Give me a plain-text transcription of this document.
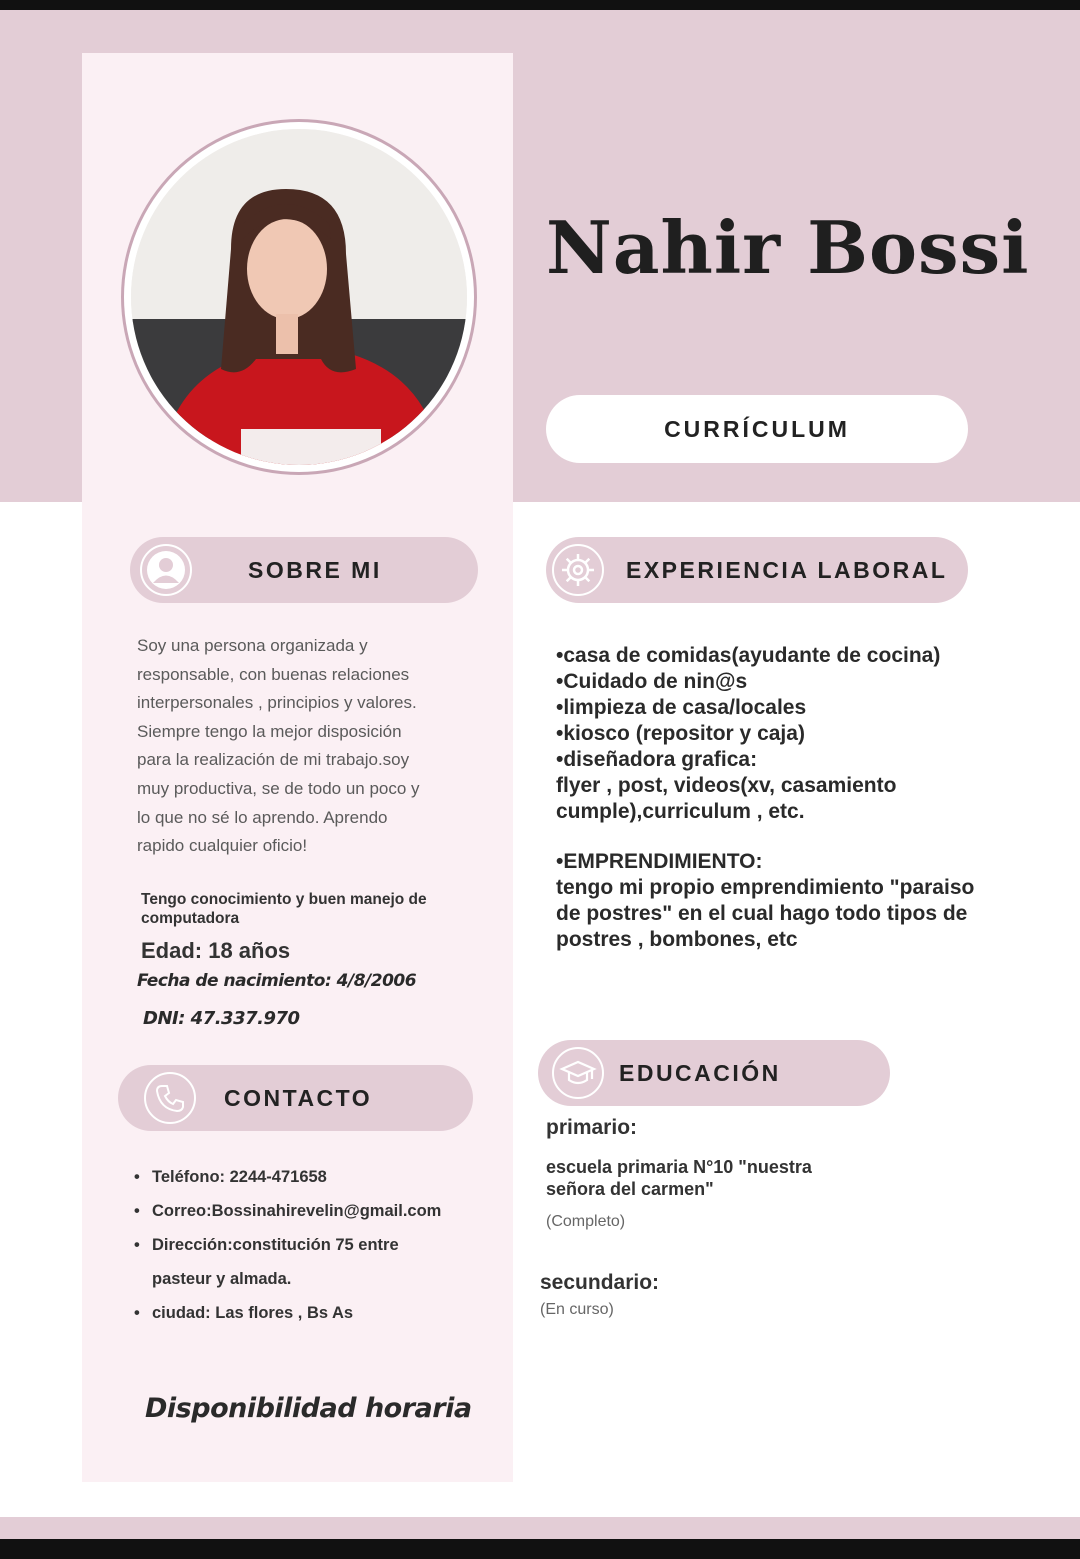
Nahir Bossi
CURRÍCULUM
SOBRE MI
Soy una persona organizada y
responsable, con buenas relaciones
interpersonales , principios y valores.
Siempre tengo la mejor disposición
para la realización de mi trabajo.soy
muy productiva, se de todo un poco y
lo que no sé lo aprendo. Aprendo
rapido cualquier oficio!
Tengo conocimiento y buen manejo de computadora
Edad: 18 años
Fecha de nacimiento: 4/8/2006
DNI: 47.337.970
CONTACTO
• Teléfono: 2244-471658
• Correo:Bossinahirevelin@gmail.com
• Dirección:constitución 75 entre
pasteur y almada.
• ciudad: Las flores , Bs As
Disponibilidad horaria
EXPERIENCIA LABORAL
•casa de comidas(ayudante de cocina)
•Cuidado de nin@s
•limpieza de casa/locales
•kiosco (repositor y caja)
•diseñadora grafica:
flyer , post, videos(xv, casamiento
cumple),curriculum , etc.
•EMPRENDIMIENTO:
tengo mi propio emprendimiento "paraiso
de postres" en el cual hago todo tipos de
postres , bombones, etc
EDUCACIÓN
primario:
escuela primaria N°10 "nuestra
señora del carmen"
(Completo)
secundario:
(En curso)
